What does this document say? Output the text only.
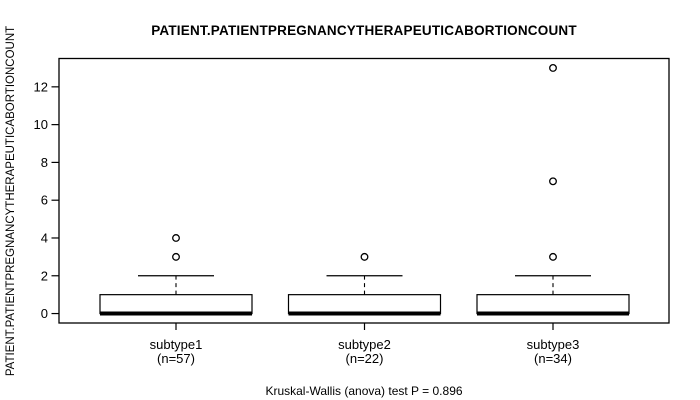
PATIENT.PATIENTPREGNANCYTHERAPEUTICABORTIONCOUNT
PATIENT.PATIENTPREGNANCYTHERAPEUTICABORTIONCOUNT 0
2
4
6
8
10
12
subtype1
(n=57)
subtype2
(n=22)
subtype3
(n=34)
Kruskal-Wallis (anova) test P = 0.896
